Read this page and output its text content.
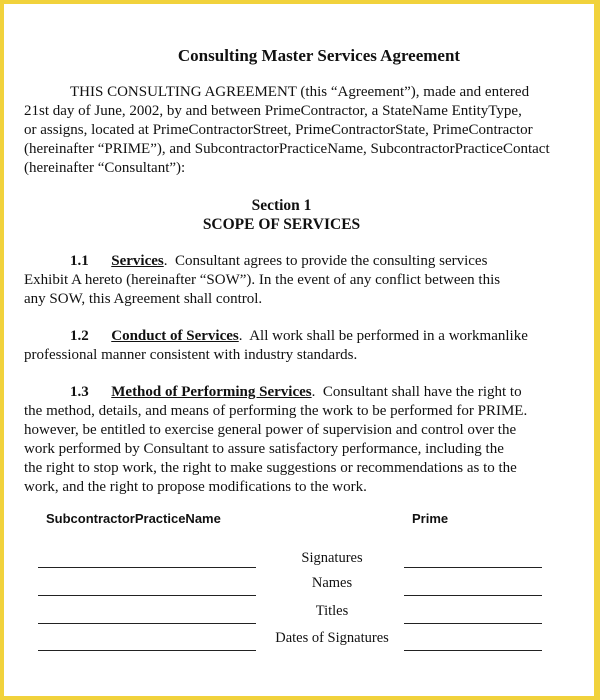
Consulting Master Services Agreement
THIS CONSULTING AGREEMENT (this “Agreement”), made and entered
21st day of June, 2002, by and between PrimeContractor, a StateName EntityType,
or assigns, located at PrimeContractorStreet, PrimeContractorState, PrimeContractor
(hereinafter “PRIME”), and SubcontractorPracticeName, SubcontractorPracticeContact
(hereinafter “Consultant”):
Section 1
SCOPE OF SERVICES
1.1 Services.  Consultant agrees to provide the consulting services
Exhibit A hereto (hereinafter “SOW”). In the event of any conflict between this
any SOW, this Agreement shall control.
1.2 Conduct of Services.  All work shall be performed in a workmanlike
professional manner consistent with industry standards.
1.3 Method of Performing Services.  Consultant shall have the right to
the method, details, and means of performing the work to be performed for PRIME.
however, be entitled to exercise general power of supervision and control over the
work performed by Consultant to assure satisfactory performance, including the
the right to stop work, the right to make suggestions or recommendations as to the
work, and the right to propose modifications to the work.
SubcontractorPracticeName	Prime
Signatures
Names
Titles
Dates of Signatures
